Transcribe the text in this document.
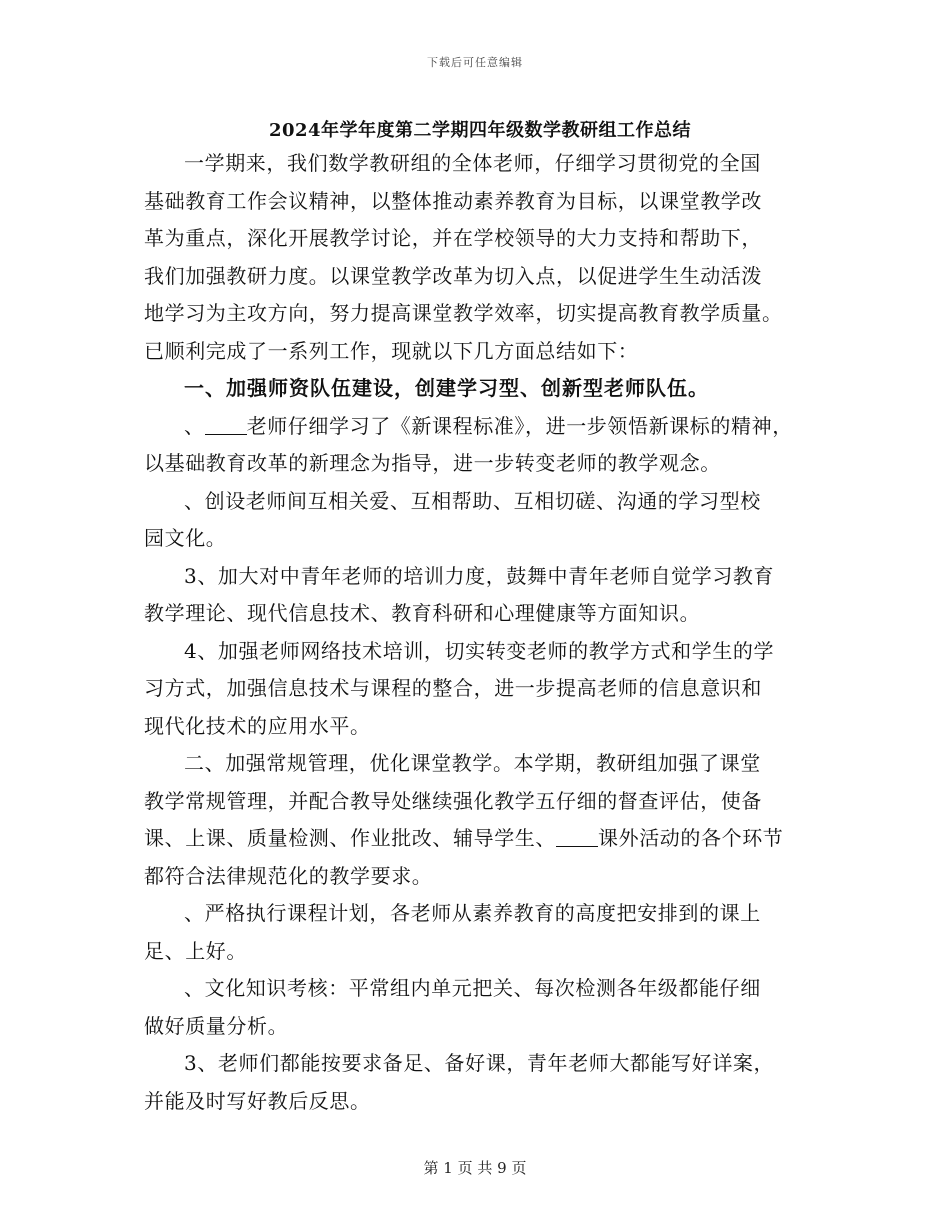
下载后可任意编辑
2024年学年度第二学期四年级数学教研组工作总结
一学期来，我们数学教研组的全体老师，仔细学习贯彻党的全国
基础教育工作会议精神，以整体推动素养教育为目标，以课堂教学改
革为重点，深化开展教学讨论，并在学校领导的大力支持和帮助下，
我们加强教研力度。以课堂教学改革为切入点，以促进学生生动活泼
地学习为主攻方向，努力提高课堂教学效率，切实提高教育教学质量。
已顺利完成了一系列工作，现就以下几方面总结如下：
一、加强师资队伍建设，创建学习型、创新型老师队伍。
、 老师仔细学习了《新课程标准》，进一步领悟新课标的精神，
以基础教育改革的新理念为指导，进一步转变老师的教学观念。
、创设老师间互相关爱、互相帮助、互相切磋、沟通的学习型校
园文化。
3、加大对中青年老师的培训力度，鼓舞中青年老师自觉学习教育
教学理论、现代信息技术、教育科研和心理健康等方面知识。
4、加强老师网络技术培训，切实转变老师的教学方式和学生的学
习方式，加强信息技术与课程的整合，进一步提高老师的信息意识和
现代化技术的应用水平。
二、加强常规管理，优化课堂教学。本学期，教研组加强了课堂
教学常规管理，并配合教导处继续强化教学五仔细的督查评估，使备
课、上课、质量检测、作业批改、辅导学生、 课外活动的各个环节
都符合法律规范化的教学要求。
、严格执行课程计划，各老师从素养教育的高度把安排到的课上
足、上好。
、文化知识考核：平常组内单元把关、每次检测各年级都能仔细
做好质量分析。
3、老师们都能按要求备足、备好课，青年老师大都能写好详案，
并能及时写好教后反思。
第 1 页 共 9 页
